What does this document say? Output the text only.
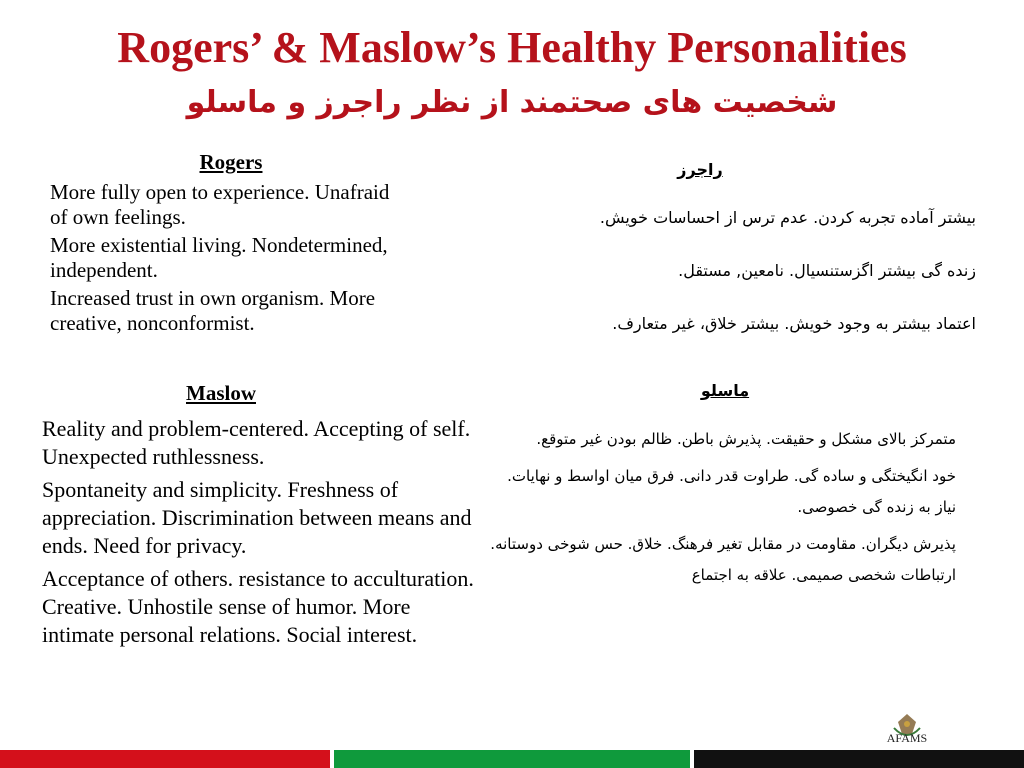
Rogers’ & Maslow’s Healthy Personalities
شخصیت های صحتمند از نظر راجرز و ماسلو
Rogers

More fully open to experience. Unafraid of own feelings.

More existential living. Nondetermined, independent.

Increased trust in own organism. More creative, nonconformist.

راجرز

بیشتر آماده تجربه کردن. عدم ترس از احساسات خویش.

زنده گی بیشتر اگزستنسیال. نامعین, مستقل.

اعتماد بیشتر به وجود خویش. بیشتر خلاق، غیر متعارف.

Maslow

Reality and problem-centered. Accepting of self. Unexpected ruthlessness.

Spontaneity and simplicity. Freshness of appreciation. Discrimination between means and ends. Need for privacy.

Acceptance of others. resistance to acculturation. Creative. Unhostile sense of humor. More intimate personal relations. Social interest.

ماسلو

متمرکز بالای مشکل و حقیقت. پذیرش باطن. ظالم بودن غیر متوقع.

خود انگیختگی و ساده گی. طراوت قدر دانی. فرق میان اواسط و نهایات. نیاز به زنده گی خصوصی.

پذیرش دیگران. مقاومت در مقابل تغیر فرهنگ. خلاق. حس شوخی دوستانه. ارتباطات شخصی صمیمی. علاقه به اجتماع

AFAMS
